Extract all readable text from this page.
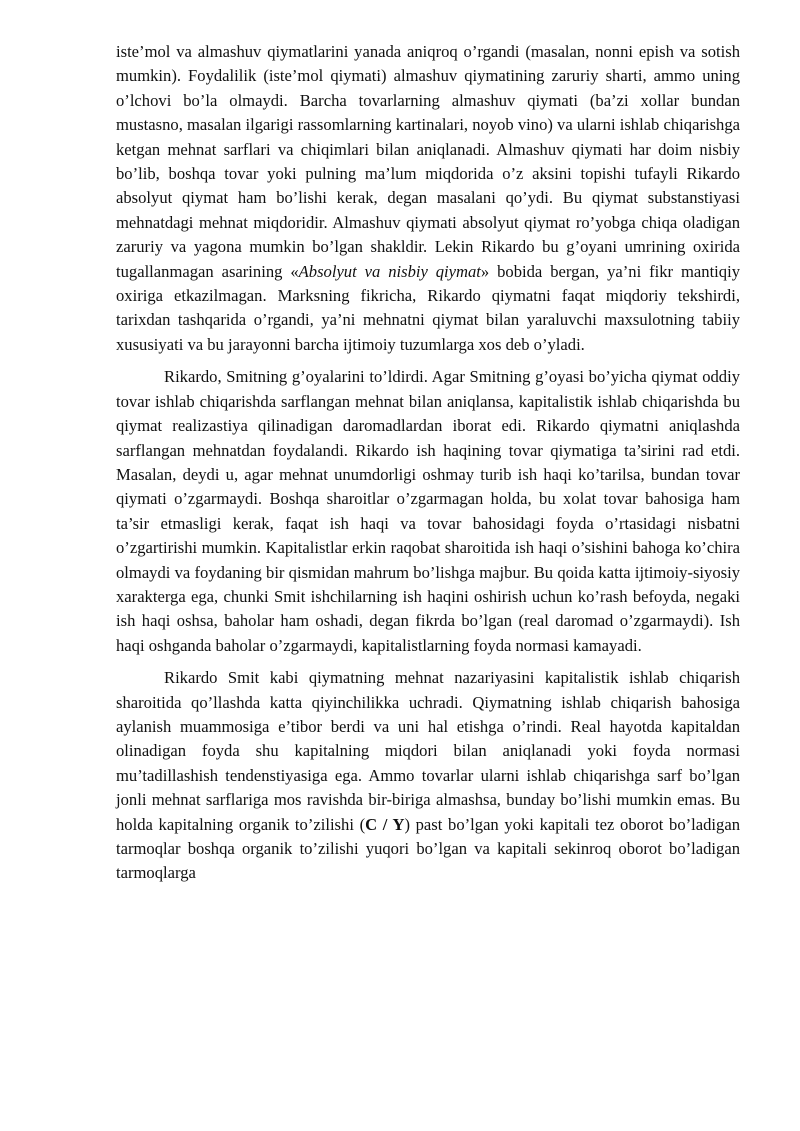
iste’mol va almashuv qiymatlarini yanada aniqroq o’rgandi (masalan, nonni epish va sotish mumkin). Foydalilik (iste’mol qiymati) almashuv qiymatining zaruriy sharti, ammo uning o’lchovi bo’la olmaydi. Barcha tovarlarning almashuv qiymati (ba’zi xollar bundan mustasno, masalan ilgarigi rassomlarning kartinalari, noyob vino) va ularni ishlab chiqarishga ketgan mehnat sarflari va chiqimlari bilan aniqlanadi. Almashuv qiymati har doim nisbiy bo’lib, boshqa tovar yoki pulning ma’lum miqdorida o’z aksini topishi tufayli Rikardo absolyut qiymat ham bo’lishi kerak, degan masalani qo’ydi. Bu qiymat substanstiyasi mehnatdagi mehnat miqdoridir. Almashuv qiymati absolyut qiymat ro’yobga chiqa oladigan zaruriy va yagona mumkin bo’lgan shakldir. Lekin Rikardo bu g’oyani umrining oxirida tugallanmagan asarining «Absolyut va nisbiy qiymat» bobida bergan, ya’ni fikr mantiqiy oxiriga etkazilmagan. Marksning fikricha, Rikardo qiymatni faqat miqdoriy tekshirdi, tarixdan tashqarida o’rgandi, ya’ni mehnatni qiymat bilan yaraluvchi maxsulotning tabiiy xususiyati va bu jarayonni barcha ijtimoiy tuzumlarga xos deb o’yladi.

Rikardo, Smitning g’oyalarini to’ldirdi. Agar Smitning g’oyasi bo’yicha qiymat oddiy tovar ishlab chiqarishda sarflangan mehnat bilan aniqlansa, kapitalistik ishlab chiqarishda bu qiymat realizastiya qilinadigan daromadlardan iborat edi. Rikardo qiymatni aniqlashda sarflangan mehnatdan foydalandi. Rikardo ish haqining tovar qiymatiga ta’sirini rad etdi. Masalan, deydi u, agar mehnat unumdorligi oshmay turib ish haqi ko’tarilsa, bundan tovar qiymati o’zgarmaydi. Boshqa sharoitlar o’zgarmagan holda, bu xolat tovar bahosiga ham ta’sir etmasligi kerak, faqat ish haqi va tovar bahosidagi foyda o’rtasidagi nisbatni o’zgartirishi mumkin. Kapitalistlar erkin raqobat sharoitida ish haqi o’sishini bahoga ko’chira olmaydi va foydaning bir qismidan mahrum bo’lishga majbur. Bu qoida katta ijtimoiy-siyosiy xarakterga ega, chunki Smit ishchilarning ish haqini oshirish uchun ko’rash befoyda, negaki ish haqi oshsa, baholar ham oshadi, degan fikrda bo’lgan (real daromad o’zgarmaydi). Ish haqi oshganda baholar o’zgarmaydi, kapitalistlarning foyda normasi kamayadi.

Rikardo Smit kabi qiymatning mehnat nazariyasini kapitalistik ishlab chiqarish sharoitida qo’llashda katta qiyinchilikka uchradi. Qiymatning ishlab chiqarish bahosiga aylanish muammosiga e’tibor berdi va uni hal etishga o’rindi. Real hayotda kapitaldan olinadigan foyda shu kapitalning miqdori bilan aniqlanadi yoki foyda normasi mu’tadillashish tendenstiyasiga ega. Ammo tovarlar ularni ishlab chiqarishga sarf bo’lgan jonli mehnat sarflariga mos ravishda bir-biriga almashsa, bunday bo’lishi mumkin emas. Bu holda kapitalning organik to’zilishi (C / Y) past bo’lgan yoki kapitali tez oborot bo’ladigan tarmoqlar boshqa organik to’zilishi yuqori bo’lgan va kapitali sekinroq oborot bo’ladigan tarmoqlarga
